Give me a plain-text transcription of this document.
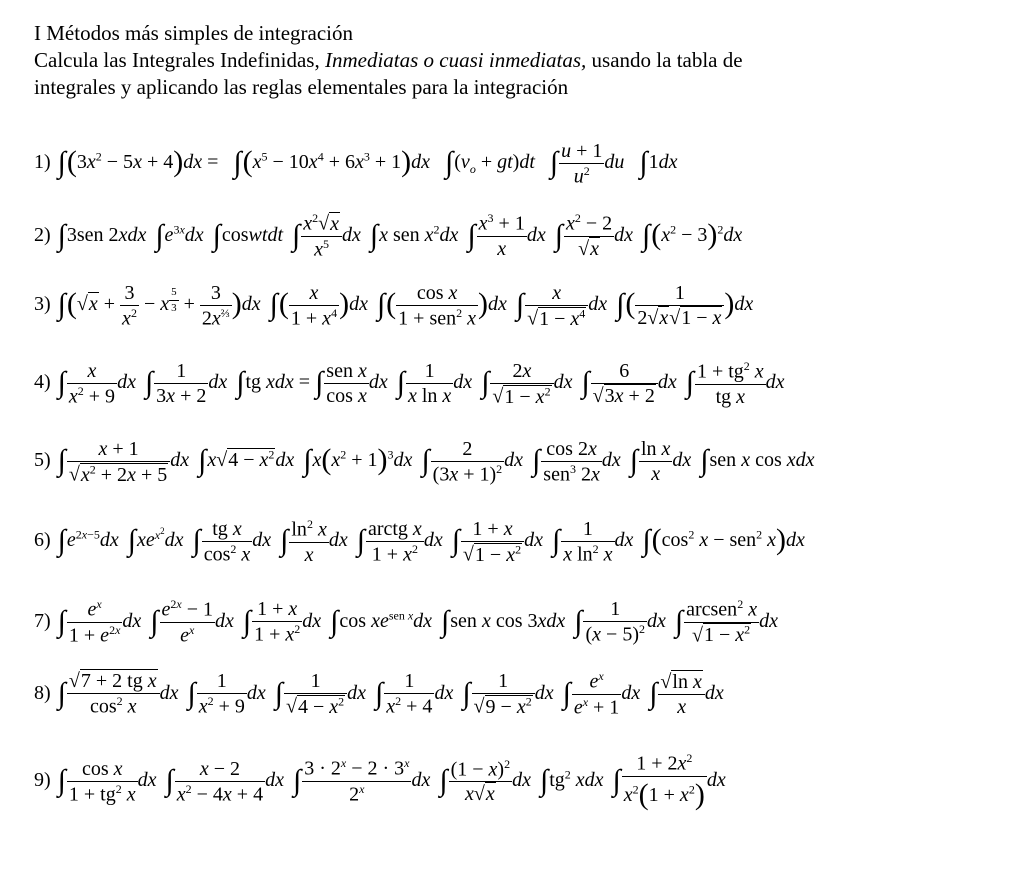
I Métodos más simples de integración
Calcula las Integrales Indefinidas, Inmediatas o cuasi inmediatas, usando la tabla de
integrales y aplicando las reglas elementales para la integración
1) $\int(3x^2 - 5x + 4)dx = \int(x^5 - 10x^4 + 6x^3 + 1)dx$ $\int(v_o + gt)dt$ ∫ $\frac{u + 1}{u^2}$ du ∫1dx
2) ∫3sen 2xdx $\int e^{3x}dx$ ∫coswtdt ∫ $\frac{x^2√x}{x^5}$ dx ∫x sen $x^2dx$ ∫ $\frac{x^3 + 1}{x}$ dx ∫ $\frac{x^2 - 2}{√x}$ dx $\int(x^2 - 3)^2dx$
3) $\int(√x + \frac{3}{x^2} - x$ $^{\frac{5}{3}} + \frac{3}{2x^{\frac{2}{3}}} )dx$ ∫( $\frac{x}{1 + x^4} )dx$ ∫( $\frac{\text{cos x}}{1 + sen^2 x} )dx$ ∫ $\frac{x}{√1 - x^4}$ dx ∫( $\frac{1}{2√x√1 - x} )dx$
4) ∫ $\frac{x}{x^2 + 9}$ dx ∫ $\frac{1}{3x + 2}$ dx ∫tg xdx = ∫ $\frac{\text{sen x}}{\text{cos x}}$ dx ∫ $\frac{1}{\text{x ln x}}$ dx ∫ $\frac{2x}{√1 - x^2}$ dx ∫ $\frac{6}{√3x + 2}$ dx ∫ $\frac{1 + tg^2 x}{\text{tg x}}$ dx
5) ∫ $\frac{x + 1}{√x^2 + 2x + 5}$ dx $\int x√4 - x^2dx$ $\int x(x^2 + 1)^3dx$ ∫ $\frac{2}{(3x + 1)^2}$ dx ∫ $\frac{\cos 2x}{sen^3 2x}$ dx ∫ $\frac{\text{ln x}}{x}$ dx ∫sen x cos xdx
6) $\int e^{2x-5}dx$ $\int xe^{x^2}dx$ ∫ $\frac{\text{tg x}}{\cos^2 x}$ dx ∫ $\frac{\ln^2 x}{x}$ dx ∫ $\frac{\text{arctg x}}{1 + x^2}$ dx ∫ $\frac{1 + x}{√1 - x^2}$ dx ∫ $\frac{1}{x \ln^2 x}$ dx $\int(\cos^2$ x − sen$^2$ x)dx
7) ∫ $\frac{e^x}{1 + e^{2x}}$ dx ∫ $\frac{e^{2x} - 1}{e^x}$ dx ∫ $\frac{1 + x}{1 + x^2}$ dx ∫cos $xe^{sen x}dx$ ∫sen x cos 3xdx ∫ $\frac{1}{(x - 5)^2}$ dx ∫ $\frac{arcsen^2 x}{√1 - x^2}$ dx
8) ∫ $\frac{\text{√7 + 2 tg x}}{\cos^2 x}$ dx ∫ $\frac{1}{x^2 + 9}$ dx ∫ $\frac{1}{√4 - x^2}$ dx ∫ $\frac{1}{x^2 + 4}$ dx ∫ $\frac{1}{√9 - x^2}$ dx ∫ $\frac{e^x}{e^x + 1}$ dx ∫ $\frac{\text{√ln x}}{x}$ dx
9) ∫ $\frac{\text{cos x}}{1 + tg^2 x}$ dx ∫ $\frac{x - 2}{x^2 - 4x + 4}$ dx ∫ $\frac{3 \cdot 2^x - 2 \cdot 3^x}{2^x}$ dx ∫ $\frac{(1 - x)^2}{x√x}$ dx $\int tg^2$ xdx ∫ $\frac{1 + 2x^2}{x^2(1 + x^2)}$ dx
